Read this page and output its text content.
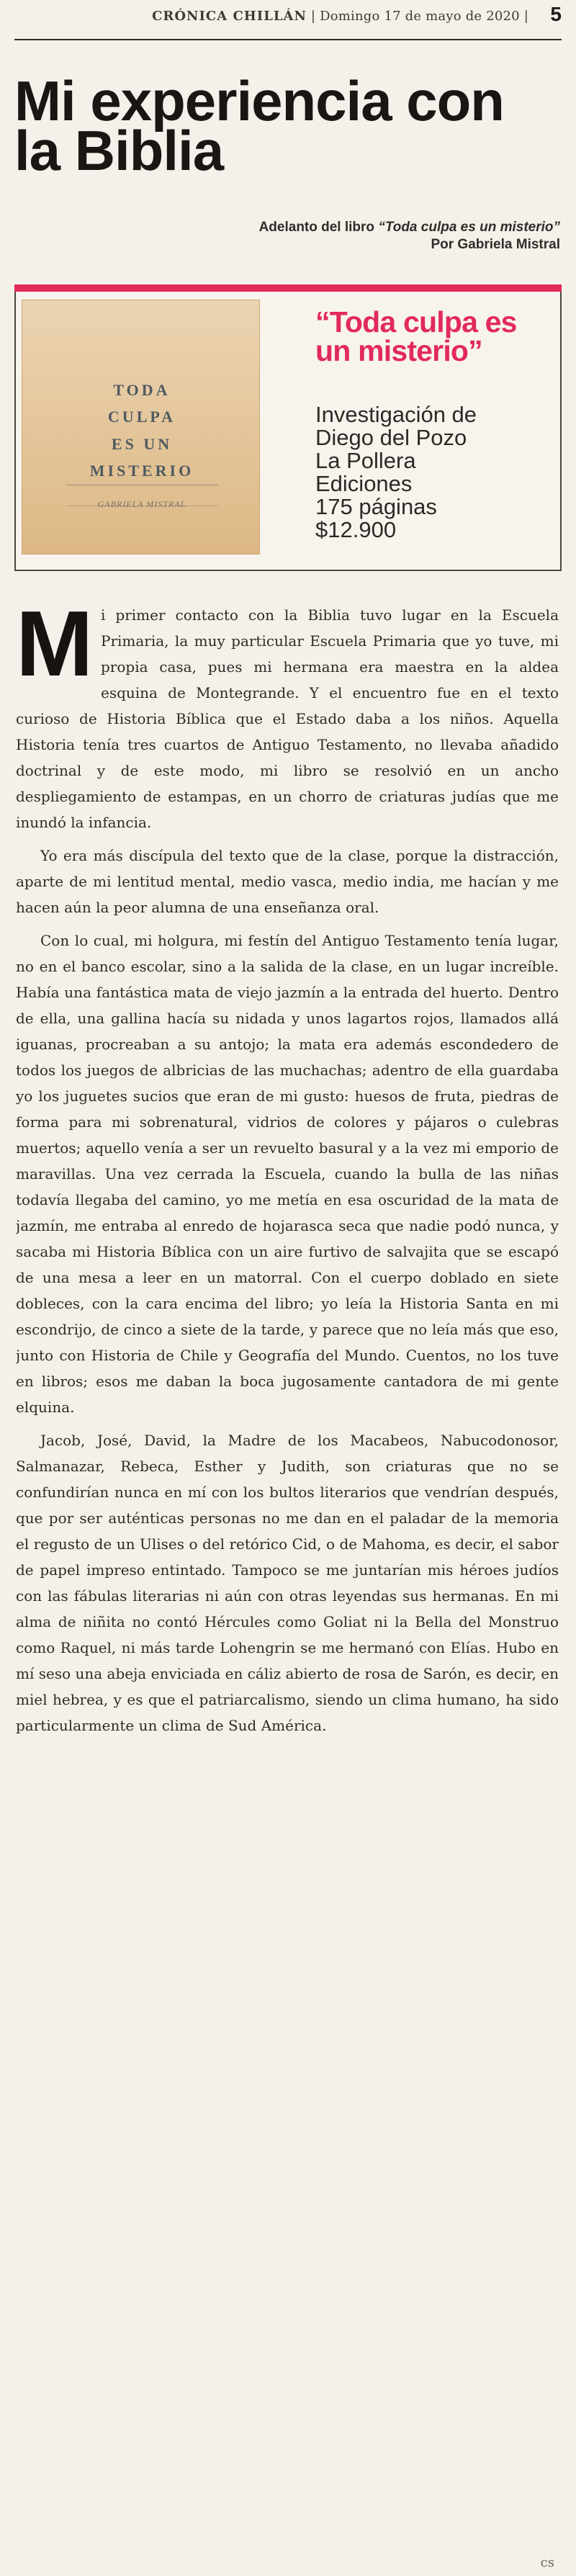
CRÓNICA CHILLÁN | Domingo 17 de mayo de 2020 | 5
Mi experiencia con la Biblia
Adelanto del libro “Toda culpa es un misterio”
Por Gabriela Mistral
TODA
CULPA
ES UN
MISTERIO
GABRIELA MISTRAL
“Toda culpa es un misterio”
Investigación de
Diego del Pozo
La Pollera
Ediciones
175 páginas
$12.900

M i primer contacto con la Biblia tuvo lugar en la Escuela Primaria, la muy particular Escuela Primaria que yo tuve, mi propia casa, pues mi hermana era maestra en la aldea esquina de Montegrande. Y el encuentro fue en el texto curioso de Historia Bíblica que el Estado daba a los niños. Aquella Historia tenía tres cuartos de Antiguo Testamento, no llevaba añadido doctrinal y de este modo, mi libro se resolvió en un ancho despliegamiento de estampas, en un chorro de criaturas judías que me inundó la infancia.

Yo era más discípula del texto que de la clase, porque la distracción, aparte de mi lentitud mental, medio vasca, medio india, me hacían y me hacen aún la peor alumna de una enseñanza oral.

Con lo cual, mi holgura, mi festín del Antiguo Testamento tenía lugar, no en el banco escolar, sino a la salida de la clase, en un lugar increíble. Había una fantástica mata de viejo jazmín a la entrada del huerto. Dentro de ella, una gallina hacía su nidada y unos lagartos rojos, llamados allá iguanas, procreaban a su antojo; la mata era además escondedero de todos los juegos de albricias de las muchachas; adentro de ella guardaba yo los juguetes sucios que eran de mi gusto: huesos de fruta, piedras de forma para mi sobrenatural, vidrios de colores y pájaros o culebras muertos; aquello venía a ser un revuelto basural y a la vez mi emporio de maravillas. Una vez cerrada la Escuela, cuando la bulla de las niñas todavía llegaba del camino, yo me metía en esa oscuridad de la mata de jazmín, me entraba al enredo de hojarasca seca que nadie podó nunca, y sacaba mi Historia Bíblica con un aire furtivo de salvajita que se escapó de una mesa a leer en un matorral. Con el cuerpo doblado en siete dobleces, con la cara encima del libro; yo leía la Historia Santa en mi escondrijo, de cinco a siete de la tarde, y parece que no leía más que eso, junto con Historia de Chile y Geografía del Mundo. Cuentos, no los tuve en libros; esos me daban la boca jugosamente cantadora de mi gente elquina.

Jacob, José, David, la Madre de los Macabeos, Nabucodonosor, Salmanazar, Rebeca, Esther y Judith, son criaturas que no se confundirían nunca en mí con los bultos literarios que vendrían después, que por ser auténticas personas no me dan en el paladar de la memoria el regusto de un Ulises o del retórico Cid, o de Mahoma, es decir, el sabor de papel impreso entintado. Tampoco se me juntarían mis héroes judíos con las fábulas literarias ni aún con otras leyendas sus hermanas. En mi alma de niñita no contó Hércules como Goliat ni la Bella del Monstruo como Raquel, ni más tarde Lohengrin se me hermanó con Elías. Hubo en mí seso una abeja enviciada en cáliz abierto de rosa de Sarón, es decir, en miel hebrea, y es que el patriarcalismo, siendo un clima humano, ha sido particularmente un clima de Sud América.

cs
